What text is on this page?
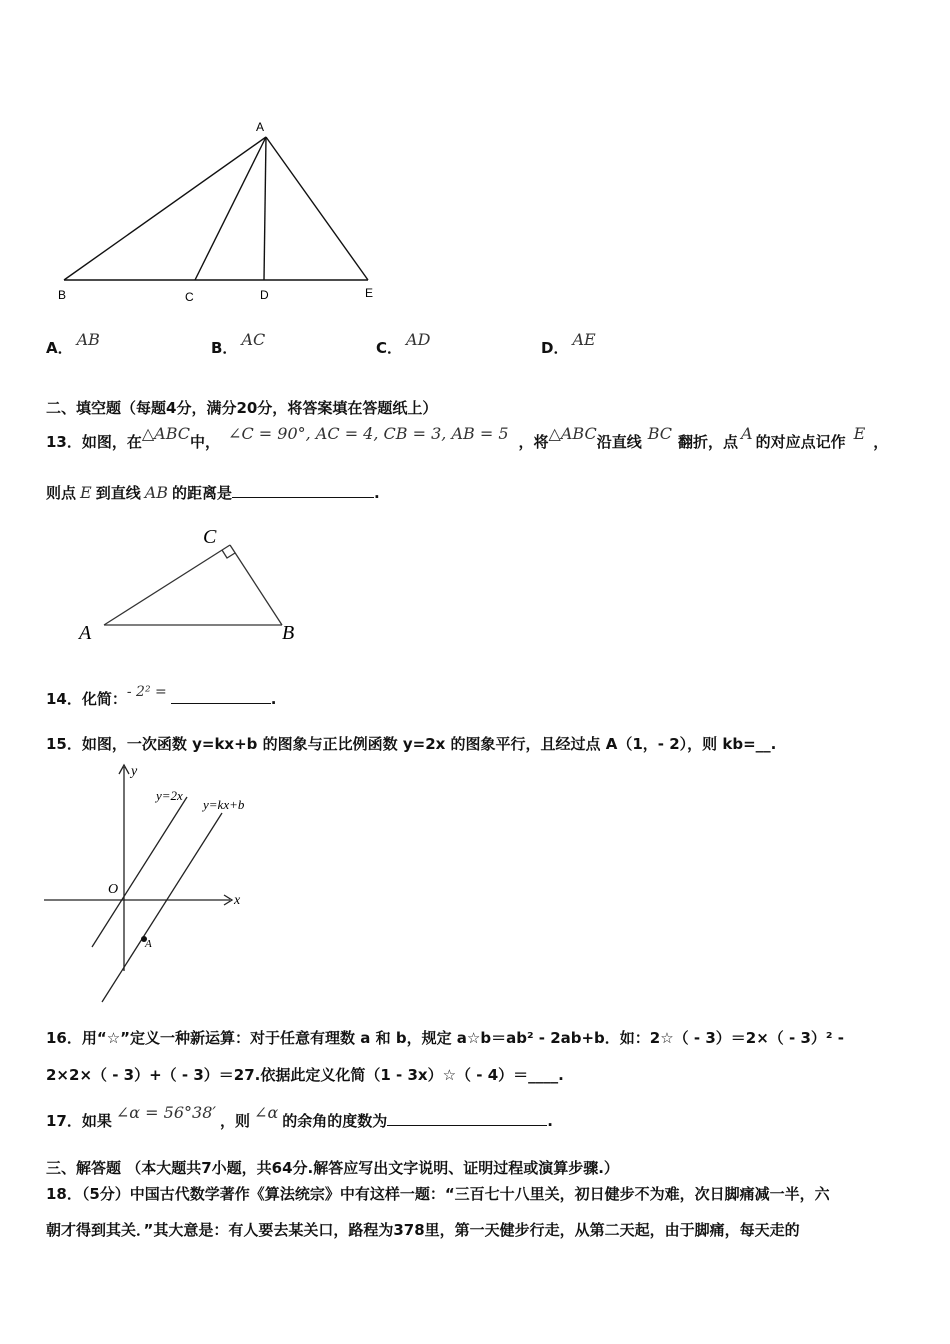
A
B	C	D	E
A． AB	B． AC	C． AD	D． AE
二、填空题（每题4分，满分20分，将答案填在答题纸上）
13．如图，在△ABC中， ∠C = 90°, AC = 4, CB = 3, AB = 5 ，将△ABC沿直线 BC 翻折，点 A 的对应点记作 E ，
则点 E 到直线 AB 的距离是	.
A	B
C
14．化简：- 2² =	.
15．如图，一次函数 y=kx+b 的图象与正比例函数 y=2x 的图象平行，且经过点 A（1，- 2），则 kb=__.
y
x
O
A
y=2x
y=kx+b
16．用“☆”定义一种新运算：对于任意有理数 a 和 b，规定 a☆b＝ab² - 2ab+b．如：2☆（ - 3）＝2×（ - 3）² -
2×2×（ - 3）+（ - 3）＝27.依据此定义化简（1 - 3x）☆（ - 4）＝____.
17．如果 ∠α = 56°38′ ，则 ∠α 的余角的度数为	.
三、解答题 （本大题共7小题，共64分.解答应写出文字说明、证明过程或演算步骤.）
18．（5分）中国古代数学著作《算法统宗》中有这样一题：“三百七十八里关，初日健步不为难，次日脚痛减一半，六
朝才得到其关．”其大意是：有人要去某关口，路程为378里，第一天健步行走，从第二天起，由于脚痛，每天走的
